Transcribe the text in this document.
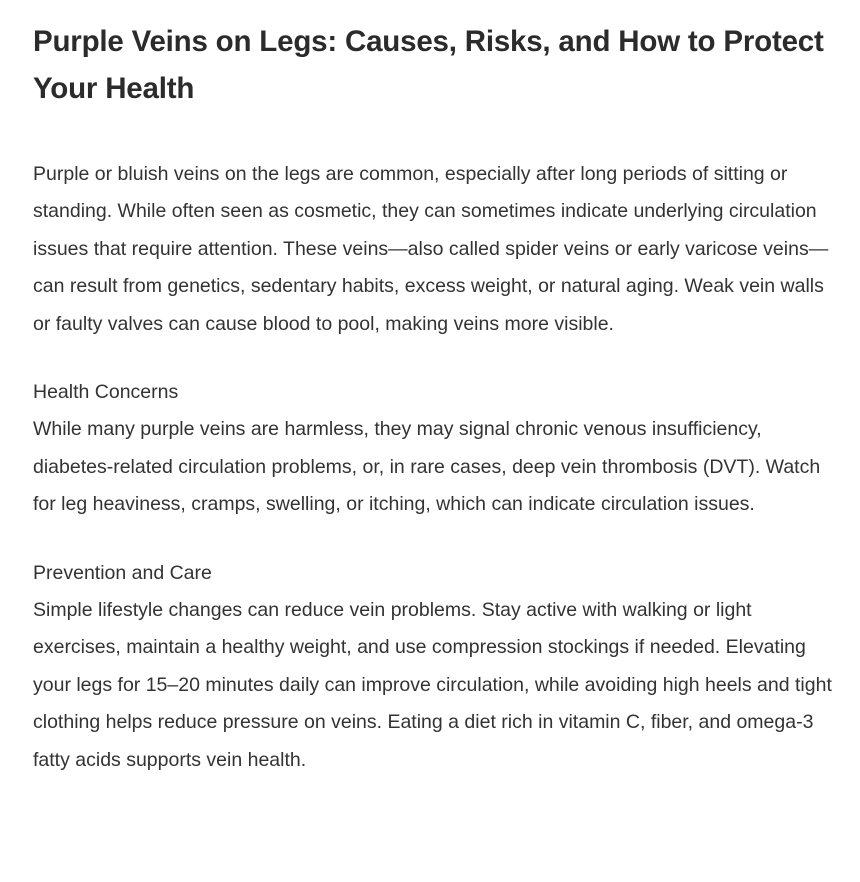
Purple Veins on Legs: Causes, Risks, and How to Protect Your Health

Purple or bluish veins on the legs are common, especially after long periods of sitting or standing. While often seen as cosmetic, they can sometimes indicate underlying circulation issues that require attention. These veins—also called spider veins or early varicose veins—can result from genetics, sedentary habits, excess weight, or natural aging. Weak vein walls or faulty valves can cause blood to pool, making veins more visible.

Health Concerns

While many purple veins are harmless, they may signal chronic venous insufficiency, diabetes-related circulation problems, or, in rare cases, deep vein thrombosis (DVT). Watch for leg heaviness, cramps, swelling, or itching, which can indicate circulation issues.

Prevention and Care

Simple lifestyle changes can reduce vein problems. Stay active with walking or light exercises, maintain a healthy weight, and use compression stockings if needed. Elevating your legs for 15–20 minutes daily can improve circulation, while avoiding high heels and tight clothing helps reduce pressure on veins. Eating a diet rich in vitamin C, fiber, and omega-3 fatty acids supports vein health.
